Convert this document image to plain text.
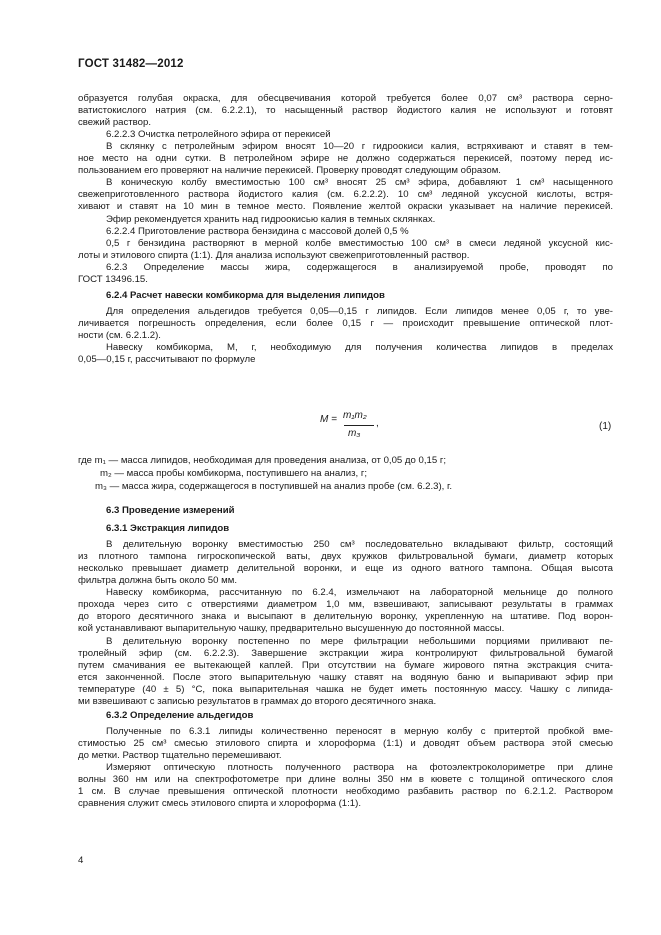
ГОСТ 31482—2012
M = m₁m₂
m₃
,	(1)
4
образуется голубая окраска, для обесцвечивания которой требуется более 0,07 см³ раствора серно-
ватистокислого натрия (см. 6.2.2.1), то насыщенный раствор йодистого калия не используют и готовят
свежий раствор.
6.2.2.3 Очистка петролейного эфира от перекисей
В склянку с петролейным эфиром вносят 10—20 г гидроокиси калия, встряхивают и ставят в тем-
ное место на одни сутки. В петролейном эфире не должно содержаться перекисей, поэтому перед ис-
пользованием его проверяют на наличие перекисей. Проверку проводят следующим образом.
В коническую колбу вместимостью 100 см³ вносят 25 см³ эфира, добавляют 1 см³ насыщенного
свежеприготовленного раствора йодистого калия (см. 6.2.2.2). 10 см³ ледяной уксусной кислоты, встря-
хивают и ставят на 10 мин в темное место. Появление желтой окраски указывает на наличие перекисей.
Эфир рекомендуется хранить над гидроокисью калия в темных склянках.
6.2.2.4 Приготовление раствора бензидина с массовой долей 0,5 %
0,5 г бензидина растворяют в мерной колбе вместимостью 100 см³ в смеси ледяной уксусной кис-
лоты и этилового спирта (1:1). Для анализа используют свежеприготовленный раствор.
6.2.3 Определение массы жира, содержащегося в анализируемой пробе, проводят по
ГОСТ 13496.15.
6.2.4 Расчет навески комбикорма для выделения липидов
Для определения альдегидов требуется 0,05—0,15 г липидов. Если липидов менее 0,05 г, то уве-
личивается погрешность определения, если более 0,15 г — происходит превышение оптической плот-
ности (см. 6.2.1.2).
Навеску комбикорма, M, г, необходимую для получения количества липидов в пределах
0,05—0,15 г, рассчитывают по формуле
где m₁ — масса липидов, необходимая для проведения анализа, от 0,05 до 0,15 г;
m₂ — масса пробы комбикорма, поступившего на анализ, г;
m₃ — масса жира, содержащегося в поступившей на анализ пробе (см. 6.2.3), г.
6.3 Проведение измерений
6.3.1 Экстракция липидов
В делительную воронку вместимостью 250 см³ последовательно вкладывают фильтр, состоящий
из плотного тампона гигроскопической ваты, двух кружков фильтровальной бумаги, диаметр которых
несколько превышает диаметр делительной воронки, и еще из одного ватного тампона. Общая высота
фильтра должна быть около 50 мм.
Навеску комбикорма, рассчитанную по 6.2.4, измельчают на лабораторной мельнице до полного
прохода через сито с отверстиями диаметром 1,0 мм, взвешивают, записывают результаты в граммах
до второго десятичного знака и высыпают в делительную воронку, укрепленную на штативе. Под ворон-
кой устанавливают выпарительную чашку, предварительно высушенную до постоянной массы.
В делительную воронку постепенно по мере фильтрации небольшими порциями приливают пе-
тролейный эфир (см. 6.2.2.3). Завершение экстракции жира контролируют фильтровальной бумагой
путем смачивания ее вытекающей каплей. При отсутствии на бумаге жирового пятна экстракция счита-
ется законченной. После этого выпарительную чашку ставят на водяную баню и выпаривают эфир при
температуре (40 ± 5) °С, пока выпарительная чашка не будет иметь постоянную массу. Чашку с липида-
ми взвешивают с записью результатов в граммах до второго десятичного знака.
6.3.2 Определение альдегидов
Полученные по 6.3.1 липиды количественно переносят в мерную колбу с притертой пробкой вме-
стимостью 25 см³ смесью этилового спирта и хлороформа (1:1) и доводят объем раствора этой смесью
до метки. Раствор тщательно перемешивают.
Измеряют оптическую плотность полученного раствора на фотоэлектроколориметре при длине
волны 360 нм или на спектрофотометре при длине волны 350 нм в кювете с толщиной оптического слоя
1 см. В случае превышения оптической плотности необходимо разбавить раствор по 6.2.1.2. Раствором
сравнения служит смесь этилового спирта и хлороформа (1:1).
